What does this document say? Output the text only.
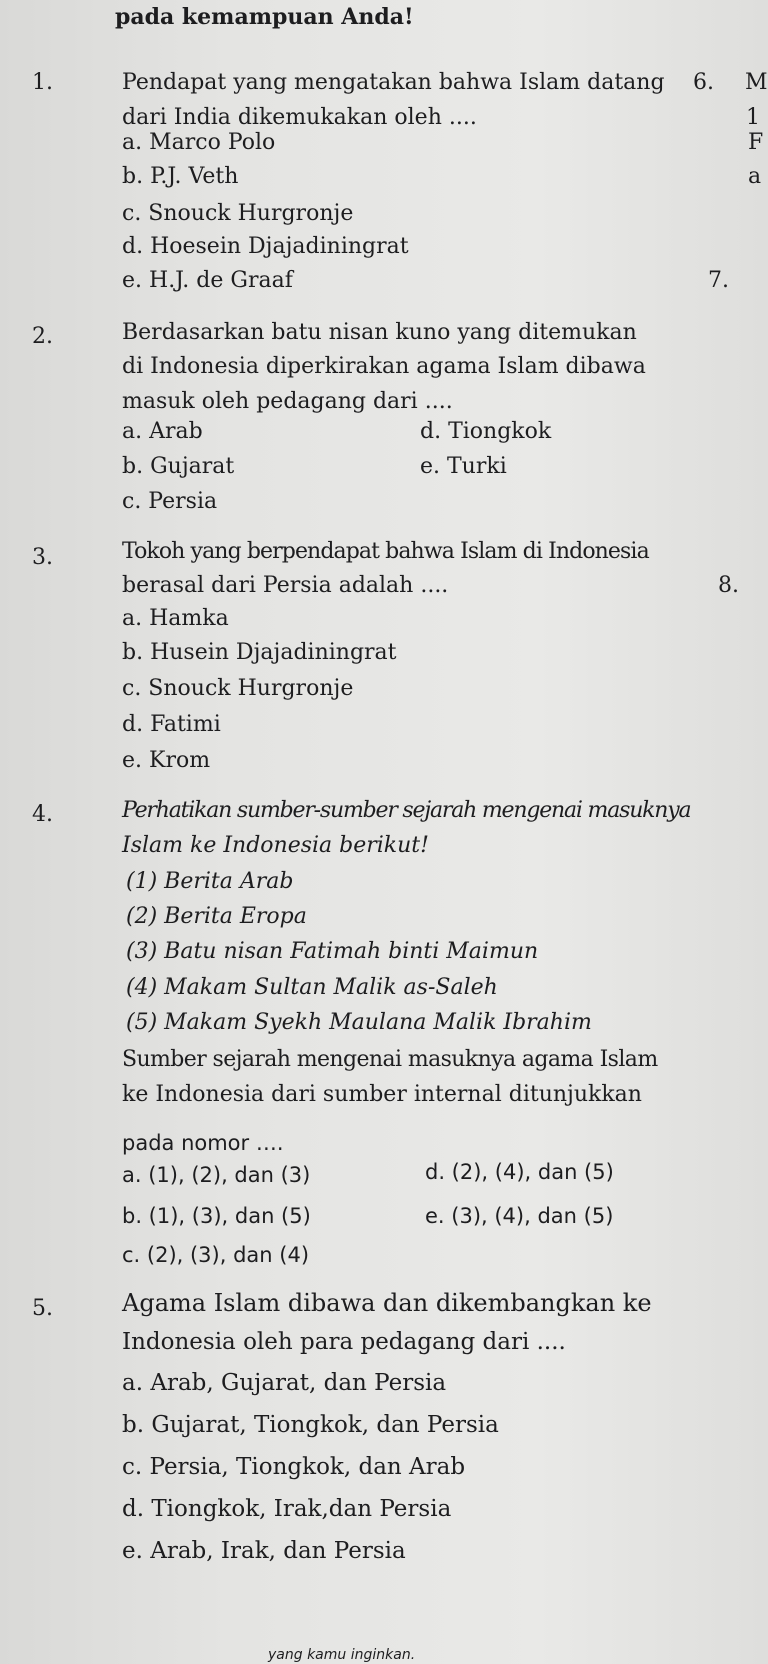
pada kemampuan Anda!
1.	Pendapat yang mengatakan bahwa Islam datang
dari India dikemukakan oleh ....
a. Marco Polo
b. P.J. Veth
c. Snouck Hurgronje
d. Hoesein Djajadiningrat
e. H.J. de Graaf
2.	Berdasarkan batu nisan kuno yang ditemukan
di Indonesia diperkirakan agama Islam dibawa
masuk oleh pedagang dari ....
a. Arab	d. Tiongkok
b. Gujarat	e. Turki
c. Persia
3.	Tokoh yang berpendapat bahwa Islam di Indonesia
berasal dari Persia adalah ....
a. Hamka
b. Husein Djajadiningrat
c. Snouck Hurgronje
d. Fatimi
e. Krom
4.	Perhatikan sumber-sumber sejarah mengenai masuknya
Islam ke Indonesia berikut!
(1) Berita Arab
(2) Berita Eropa
(3) Batu nisan Fatimah binti Maimun
(4) Makam Sultan Malik as-Saleh
(5) Makam Syekh Maulana Malik Ibrahim
Sumber sejarah mengenai masuknya agama Islam
ke Indonesia dari sumber internal ditunjukkan
pada nomor ….
a. (1), (2), dan (3)	d. (2), (4), dan (5)
b. (1), (3), dan (5)	e. (3), (4), dan (5)
c. (2), (3), dan (4)
5.	Agama Islam dibawa dan dikembangkan ke
Indonesia oleh para pedagang dari ....
a. Arab, Gujarat, dan Persia
b. Gujarat, Tiongkok, dan Persia
c. Persia, Tiongkok, dan Arab
d. Tiongkok, Irak,dan Persia
e. Arab, Irak, dan Persia
6. M
1
F
a
7.
8.
yang kamu inginkan.
